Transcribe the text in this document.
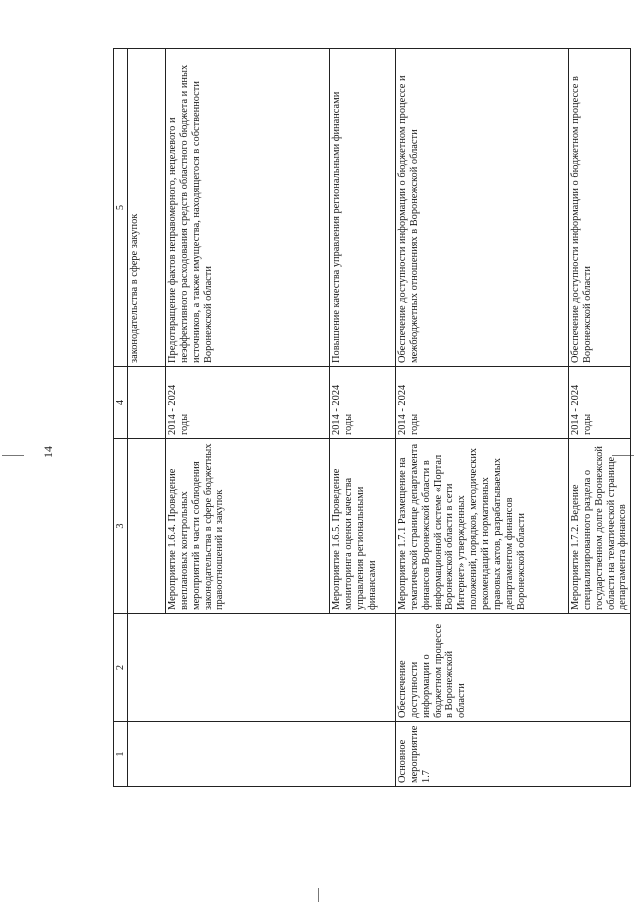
14
1	2	3	4	5
				законодательства в сфере закупок
		Мероприятие 1.6.4. Проведение внеплановых контрольных мероприятий в части соблюдения законодательства в сфере бюджетных правоотношений и закупок	2014 - 2024 годы	Предотвращение фактов неправомерного, нецелевого и неэффективного расходования средств областного бюджета и иных источников, а также имущества, находящегося в собственности Воронежской области
		Мероприятие 1.6.5. Проведение мониторинга оценки качества управления региональными финансами	2014 - 2024 годы	Повышение качества управления региональными финансами
Основное мероприятие 1.7	Обеспечение доступности информации о бюджетном процессе в Воронежской области	Мероприятие 1.7.1 Размещение на тематической странице департамента финансов Воронежской области в информационной системе «Портал Воронежской области в сети Интернет» утвержденных положений, порядков, методических рекомендаций и нормативных правовых актов, разрабатываемых департаментом финансов Воронежской области	2014 - 2024 годы	Обеспечение доступности информации о бюджетном процессе и межбюджетных отношениях в Воронежской области
		Мероприятие 1.7.2. Ведение специализированного раздела о государственном долге Воронежской области на тематической странице департамента финансов	2014 - 2024 годы	Обеспечение доступности информации о бюджетном процессе в Воронежской области
